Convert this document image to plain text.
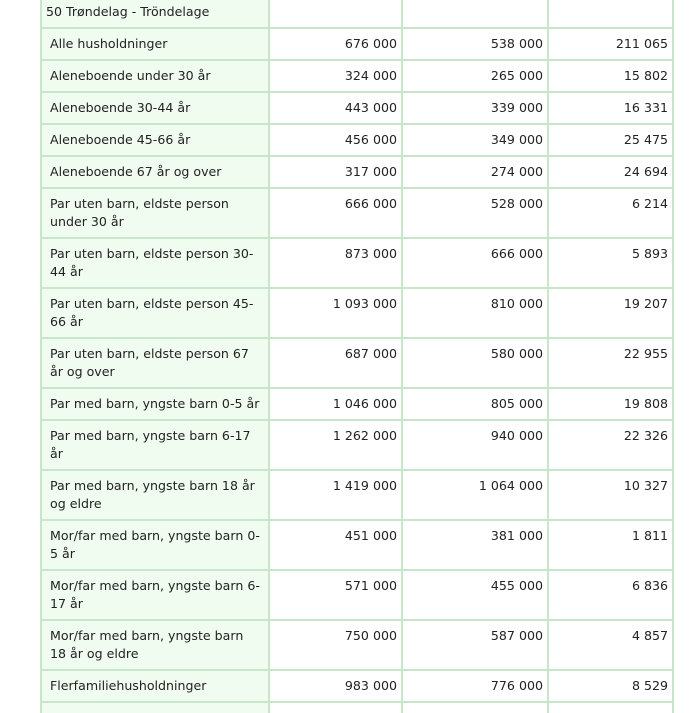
50 Trøndelag - Tröndelage			
Alle husholdninger	676 000	538 000	211 065
Aleneboende under 30 år	324 000	265 000	15 802
Aleneboende 30-44 år	443 000	339 000	16 331
Aleneboende 45-66 år	456 000	349 000	25 475
Aleneboende 67 år og over	317 000	274 000	24 694
Par uten barn, eldste person under 30 år	666 000	528 000	6 214
Par uten barn, eldste person 30-44 år	873 000	666 000	5 893
Par uten barn, eldste person 45-66 år	1 093 000	810 000	19 207
Par uten barn, eldste person 67 år og over	687 000	580 000	22 955
Par med barn, yngste barn 0-5 år	1 046 000	805 000	19 808
Par med barn, yngste barn 6-17 år	1 262 000	940 000	22 326
Par med barn, yngste barn 18 år og eldre	1 419 000	1 064 000	10 327
Mor/far med barn, yngste barn 0-5 år	451 000	381 000	1 811
Mor/far med barn, yngste barn 6-17 år	571 000	455 000	6 836
Mor/far med barn, yngste barn 18 år og eldre	750 000	587 000	4 857
Flerfamiliehusholdninger	983 000	776 000	8 529
